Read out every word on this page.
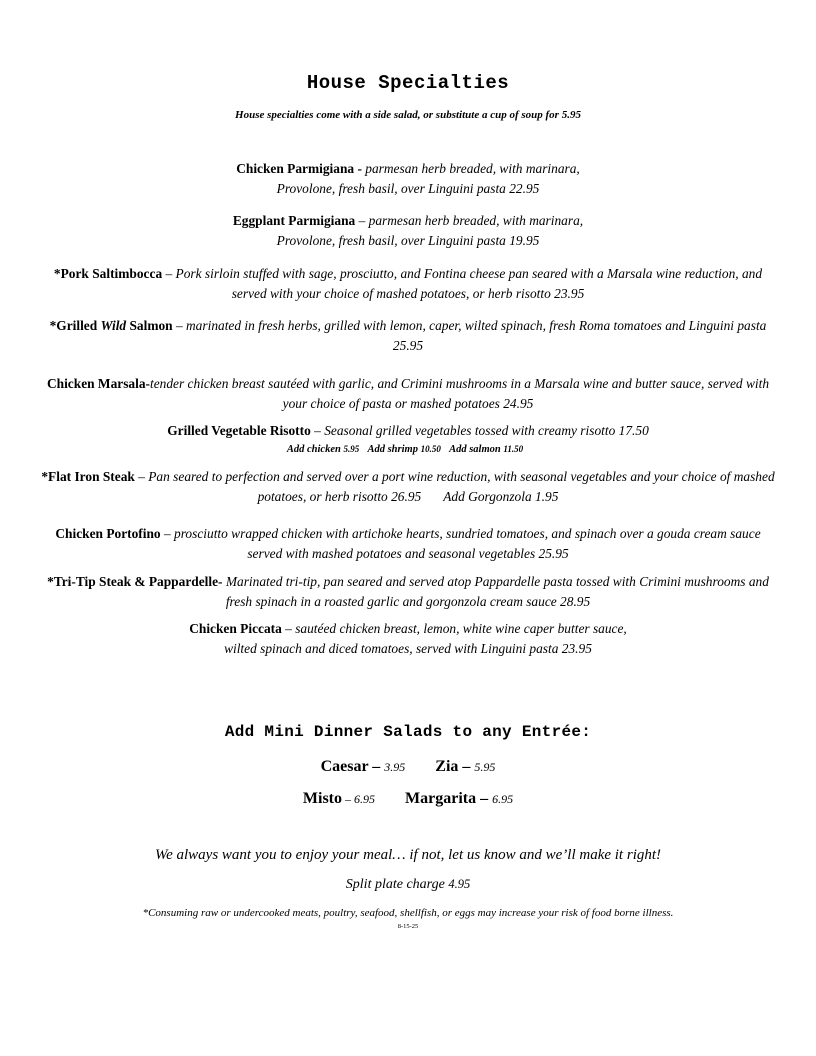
House Specialties
House specialties come with a side salad, or substitute a cup of soup for 5.95
Chicken Parmigiana - parmesan herb breaded, with marinara,
Provolone, fresh basil, over Linguini pasta 22.95
Eggplant Parmigiana – parmesan herb breaded, with marinara,
Provolone, fresh basil, over Linguini pasta 19.95
*Pork Saltimbocca – Pork sirloin stuffed with sage, prosciutto, and Fontina cheese pan seared with a Marsala wine reduction, and served with your choice of mashed potatoes, or herb risotto 23.95
*Grilled Wild Salmon – marinated in fresh herbs, grilled with lemon, caper, wilted spinach, fresh Roma tomatoes and Linguini pasta 25.95
Chicken Marsala-tender chicken breast sautéed with garlic, and Crimini mushrooms in a Marsala wine and butter sauce, served with your choice of pasta or mashed potatoes 24.95
Grilled Vegetable Risotto – Seasonal grilled vegetables tossed with creamy risotto 17.50
Add chicken 5.95 Add shrimp 10.50 Add salmon 11.50
*Flat Iron Steak – Pan seared to perfection and served over a port wine reduction, with seasonal vegetables and your choice of mashed potatoes, or herb risotto 26.95 Add Gorgonzola 1.95
Chicken Portofino – prosciutto wrapped chicken with artichoke hearts, sundried tomatoes, and spinach over a gouda cream sauce served with mashed potatoes and seasonal vegetables 25.95
*Tri-Tip Steak & Pappardelle- Marinated tri-tip, pan seared and served atop Pappardelle pasta tossed with Crimini mushrooms and fresh spinach in a roasted garlic and gorgonzola cream sauce 28.95
Chicken Piccata – sautéed chicken breast, lemon, white wine caper butter sauce,
wilted spinach and diced tomatoes, served with Linguini pasta 23.95
Add Mini Dinner Salads to any Entrée:
Caesar – 3.95 Zia – 5.95
Misto – 6.95 Margarita – 6.95
We always want you to enjoy your meal… if not, let us know and we’ll make it right!
Split plate charge 4.95
*Consuming raw or undercooked meats, poultry, seafood, shellfish, or eggs may increase your risk of food borne illness.
8-15-25
